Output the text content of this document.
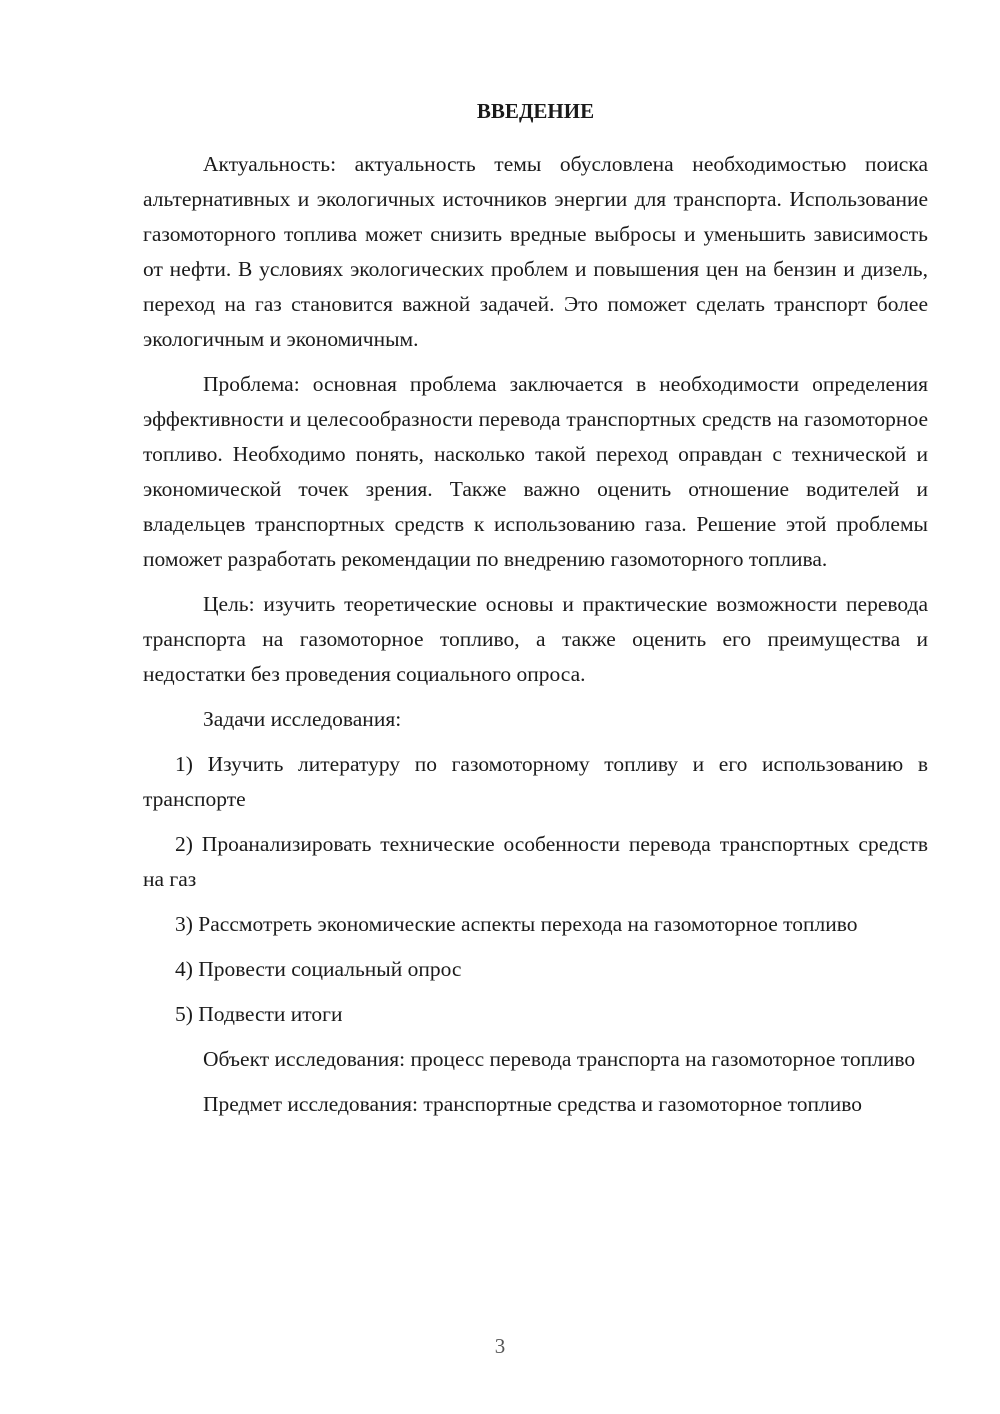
ВВЕДЕНИЕ

Актуальность: актуальность темы обусловлена необходимостью поиска альтернативных и экологичных источников энергии для транспорта. Использование газомоторного топлива может снизить вредные выбросы и уменьшить зависимость от нефти. В условиях экологических проблем и повышения цен на бензин и дизель, переход на газ становится важной задачей. Это поможет сделать транспорт более экологичным и экономичным.

Проблема: основная проблема заключается в необходимости определения эффективности и целесообразности перевода транспортных средств на газомоторное топливо. Необходимо понять, насколько такой переход оправдан с технической и экономической точек зрения. Также важно оценить отношение водителей и владельцев транспортных средств к использованию газа. Решение этой проблемы поможет разработать рекомендации по внедрению газомоторного топлива.

Цель: изучить теоретические основы и практические возможности перевода транспорта на газомоторное топливо, а также оценить его преимущества и недостатки без проведения социального опроса.

Задачи исследования:

1) Изучить литературу по газомоторному топливу и его использованию в транспорте

2) Проанализировать технические особенности перевода транспортных средств на газ

3) Рассмотреть экономические аспекты перехода на газомоторное топливо

4) Провести социальный опрос

5) Подвести итоги

Объект исследования: процесс перевода транспорта на газомоторное топливо

Предмет исследования: транспортные средства и газомоторное топливо

3
